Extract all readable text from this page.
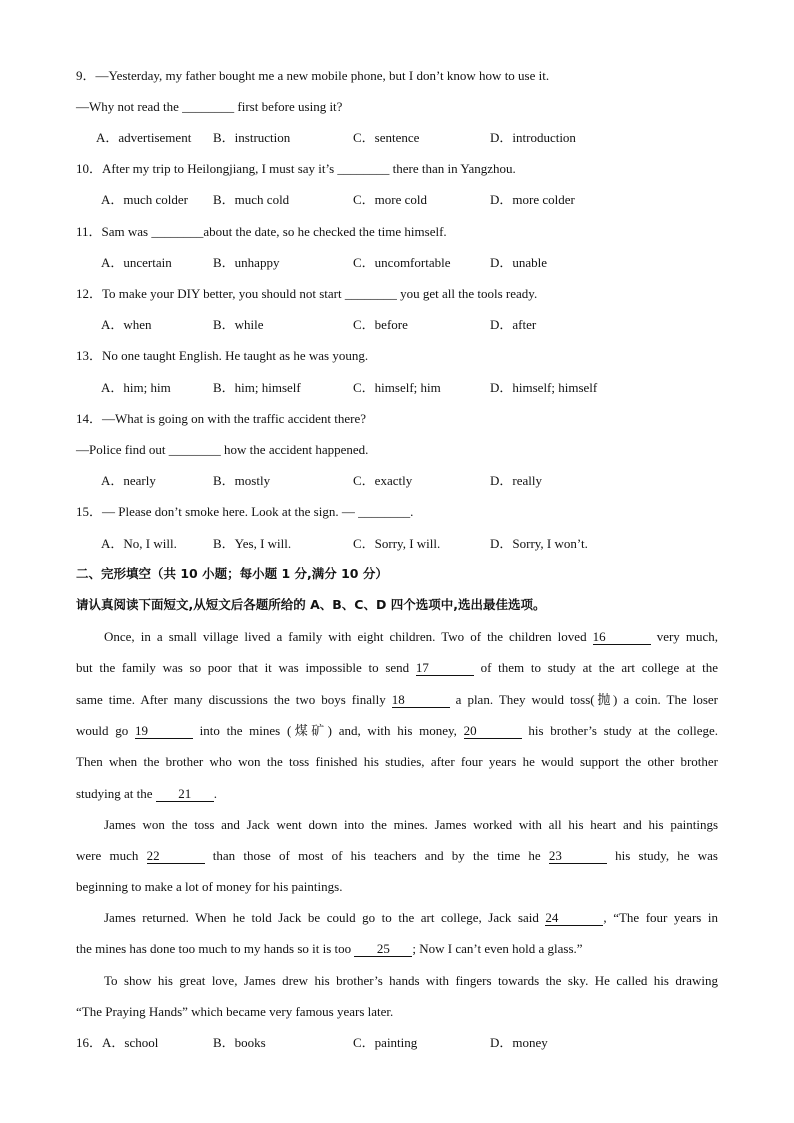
9．—Yesterday, my father bought me a new mobile phone, but I don’t know how to use it.
—Why not read the ________ first before using it?
A．advertisement B．instruction	C．sentence	D．introduction
10．After my trip to Heilongjiang, I must say it’s ________ there than in Yangzhou.
A．much colder B．much cold	C．more cold	D．more colder
11．Sam was ________about the date, so he checked the time himself.
A．uncertain	B．unhappy	C．uncomfortable	D．unable
12．To make your DIY better, you should not start ________ you get all the tools ready.
A．when	B．while	C．before	D．after
13．No one taught English. He taught as he was young.
A．him; him	B．him; himself	C．himself; him	D．himself; himself
14．—What is going on with the traffic accident there?
—Police find out ________ how the accident happened.
A．nearly	B．mostly	C．exactly	D．really
15．— Please don’t smoke here. Look at the sign. — ________.
A．No, I will.	B．Yes, I will.	C．Sorry, I will.	D．Sorry, I won’t.
二、完形填空（共 10 小题；每小题 1 分,满分 10 分）
请认真阅读下面短文,从短文后各题所给的 A、B、C、D 四个选项中,选出最佳选项。
Once, in a small village lived a family with eight children. Two of the children loved 16	very much,
but the family was so poor that it was impossible to send 17	of them to study at the art college at the
same time. After many discussions the two boys finally 18	a plan. They would toss(抛) a coin. The loser
would go 19	into the mines (煤矿) and, with his money, 20	his brother’s study at the college.
Then when the brother who won the toss finished his studies, after four years he would support the other brother
studying at the 21 .
James won the toss and Jack went down into the mines. James worked with all his heart and his paintings
were much 22	than those of most of his teachers and by the time he 23	his study, he was
beginning to make a lot of money for his paintings.
James returned. When he told Jack be could go to the art college, Jack said 24	, “The four years in
the mines has done too much to my hands so it is too 25 ; Now I can’t even hold a glass.”
To show his great love, James drew his brother’s hands with fingers towards the sky. He called his drawing
“The Praying Hands” which became very famous years later.
16．A．school	B．books	C．painting	D．money
